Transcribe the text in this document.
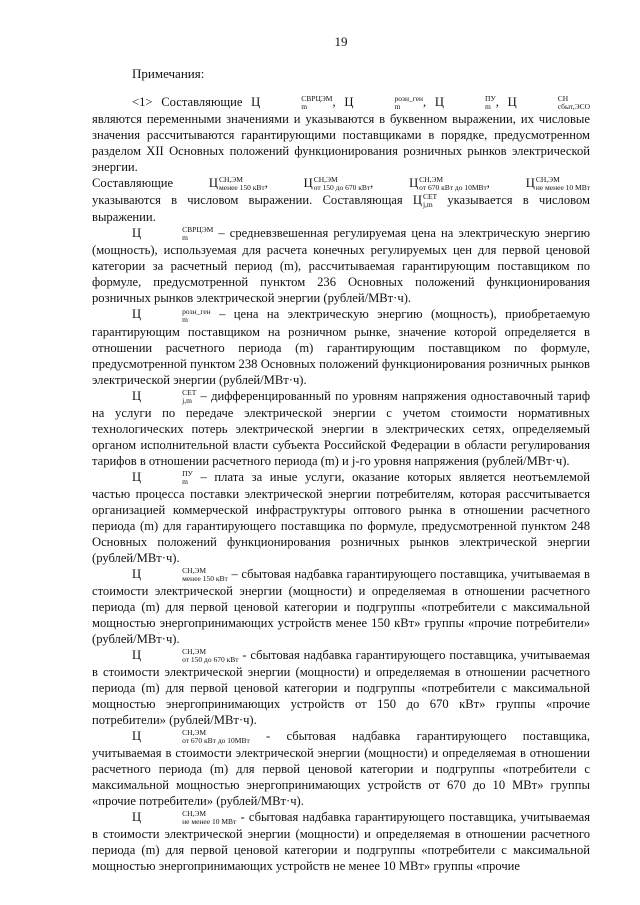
19
Примечания:

<1> Составляющие Ц	СВРЦЭМ
m	, Ц	розн_ген
m	, Ц	ПУ
m , Ц	СН
сбыт,ЭСО
являются переменными значениями и указываются в буквенном выражении, их числовые значения рассчитываются гарантирующими поставщиками в порядке, предусмотренном разделом XII Основных положений функционирования розничных рынков электрической энергии.

Составляющие	Ц СН,ЭМ
менее 150 кВт ,	Ц СН,ЭМ
от 150 до 670 кВт ,	Ц СН,ЭМ
от 670 кВт до 10МВт ,	Ц СН,ЭМ
не менее 10 МВт

указываются в числовом выражении. Составляющая Ц СЕТ
j,m	указывается в числовом выражении.

Ц	СВРЦЭМ
m	– средневзвешенная регулируемая цена на электрическую энергию (мощность), используемая для расчета конечных регулируемых цен для первой ценовой категории за расчетный период (m), рассчитываемая гарантирующим поставщиком по формуле, предусмотренной пунктом 236 Основных положений функционирования розничных рынков электрической энергии (рублей/МВт·ч).

Ц	розн_ген
m	– цена на электрическую энергию (мощность), приобретаемую гарантирующим поставщиком на розничном рынке, значение которой определяется в отношении расчетного периода (m) гарантирующим поставщиком по формуле, предусмотренной пунктом 238 Основных положений функционирования розничных рынков электрической энергии (рублей/МВт·ч).

Ц	СЕТ
j,m – дифференцированный по уровням напряжения одноставочный тариф на услуги по передаче электрической энергии с учетом стоимости нормативных технологических потерь электрической энергии в электрических сетях, определяемый органом исполнительной власти субъекта Российской Федерации в области регулирования тарифов в отношении расчетного периода (m) и j-го уровня напряжения (рублей/МВт·ч).

Ц	ПУ
m – плата за иные услуги, оказание которых является неотъемлемой частью процесса поставки электрической энергии потребителям, которая рассчитывается организацией коммерческой инфраструктуры оптового рынка в отношении расчетного периода (m) для гарантирующего поставщика по формуле, предусмотренной пунктом 248 Основных положений функционирования розничных рынков электрической энергии (рублей/МВт·ч).

Ц	СН,ЭМ
менее 150 кВт – сбытовая надбавка гарантирующего поставщика, учитываемая в стоимости электрической энергии (мощности) и определяемая в отношении расчетного периода (m) для первой ценовой категории и подгруппы «потребители с максимальной мощностью энергопринимающих устройств менее 150 кВт» группы «прочие потребители» (рублей/МВт·ч).

Ц	СН,ЭМ
от 150 до 670 кВт - сбытовая надбавка гарантирующего поставщика, учитываемая в стоимости электрической энергии (мощности) и определяемая в отношении расчетного периода (m) для первой ценовой категории и подгруппы «потребители с максимальной мощностью энергопринимающих устройств от 150 до 670 кВт» группы «прочие потребители» (рублей/МВт·ч).

Ц	СН,ЭМ
от 670 кВт до 10МВт - сбытовая надбавка гарантирующего поставщика, учитываемая в стоимости электрической энергии (мощности) и определяемая в отношении расчетного периода (m) для первой ценовой категории и подгруппы «потребители с максимальной мощностью энергопринимающих устройств от 670 до 10 МВт» группы «прочие потребители» (рублей/МВт·ч).

Ц	СН,ЭМ
не менее 10 МВт - сбытовая надбавка гарантирующего поставщика, учитываемая в стоимости электрической энергии (мощности) и определяемая в отношении расчетного периода (m) для первой ценовой категории и подгруппы «потребители с максимальной мощностью энергопринимающих устройств не менее 10 МВт» группы «прочие
